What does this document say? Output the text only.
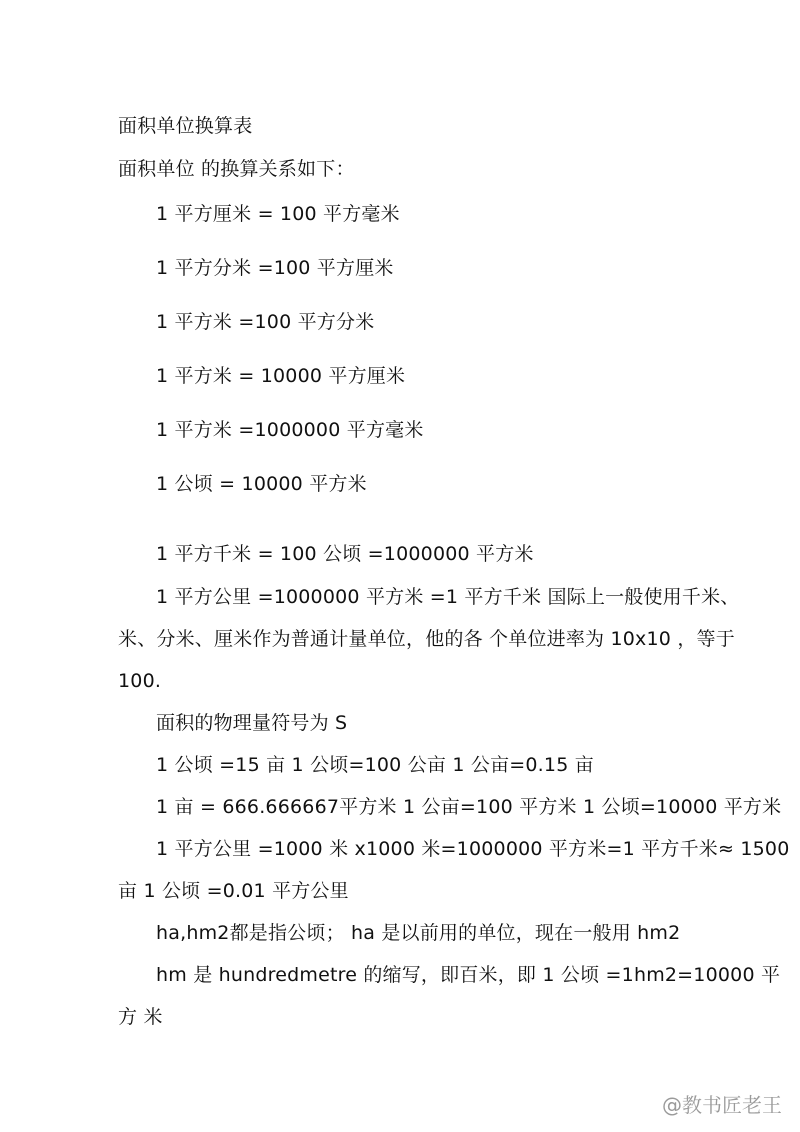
面积单位换算表
面积单位 的换算关系如下：
1 平方厘米 = 100 平方毫米
1 平方分米 =100 平方厘米
1 平方米 =100 平方分米
1 平方米 = 10000 平方厘米
1 平方米 =1000000 平方毫米
1 公顷 = 10000 平方米
1 平方千米 = 100 公顷 =1000000 平方米
1 平方公里 =1000000 平方米 =1 平方千米 国际上一般使用千米、
米、分米、厘米作为普通计量单位，他的各 个单位进率为 10x10 ，等于
100.
面积的物理量符号为 S
1 公顷 =15 亩 1 公顷=100 公亩 1 公亩=0.15 亩
1 亩 = 666.666667平方米 1 公亩=100 平方米 1 公顷=10000 平方米
1 平方公里 =1000 米 x1000 米=1000000 平方米=1 平方千米≈ 1500
亩 1 公顷 =0.01 平方公里
ha,hm2都是指公顷； ha 是以前用的单位，现在一般用 hm2
hm 是 hundredmetre 的缩写，即百米，即 1 公顷 =1hm2=10000 平
方 米
@教书匠老王
